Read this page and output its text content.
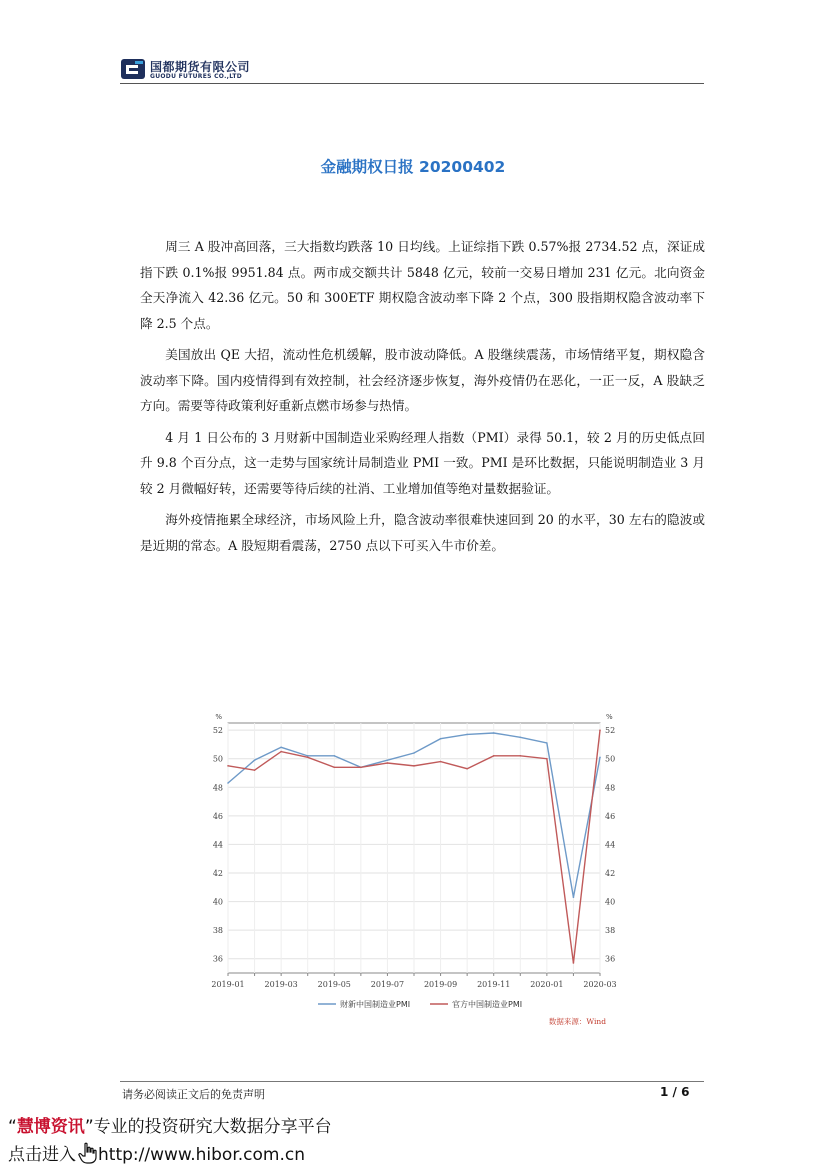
国都期货有限公司
GUODU FUTURES CO.,LTD
金融期权日报 20200402

周三 A 股冲高回落，三大指数均跌落 10 日均线。上证综指下跌 0.57%报 2734.52 点，深证成指下跌 0.1%报 9951.84 点。两市成交额共计 5848 亿元，较前一交易日增加 231 亿元。北向资金全天净流入 42.36 亿元。50 和 300ETF 期权隐含波动率下降 2 个点，300 股指期权隐含波动率下降 2.5 个点。

美国放出 QE 大招，流动性危机缓解，股市波动降低。A 股继续震荡，市场情绪平复，期权隐含波动率下降。国内疫情得到有效控制，社会经济逐步恢复，海外疫情仍在恶化，一正一反，A 股缺乏方向。需要等待政策利好重新点燃市场参与热情。

4 月 1 日公布的 3 月财新中国制造业采购经理人指数（PMI）录得 50.1，较 2 月的历史低点回升 9.8 个百分点，这一走势与国家统计局制造业 PMI 一致。PMI 是环比数据，只能说明制造业 3 月较 2 月微幅好转，还需要等待后续的社消、工业增加值等绝对量数据验证。

海外疫情拖累全球经济，市场风险上升，隐含波动率很难快速回到 20 的水平，30 左右的隐波或是近期的常态。A 股短期看震荡，2750 点以下可买入牛市价差。

36	36
38	38
40	40
42	42
44	44
46	46
48	48
50	50
52	52
%	%
2019-01 2019-03 2019-05 2019-07 2019-09 2019-11 2020-01 2020-03
财新中国制造业PMI	官方中国制造业PMI
数据来源：Wind
请务必阅读正文后的免责声明	1 / 6
“慧博资讯”专业的投资研究大数据分享平台
点击进入 http://www.hibor.com.cn
